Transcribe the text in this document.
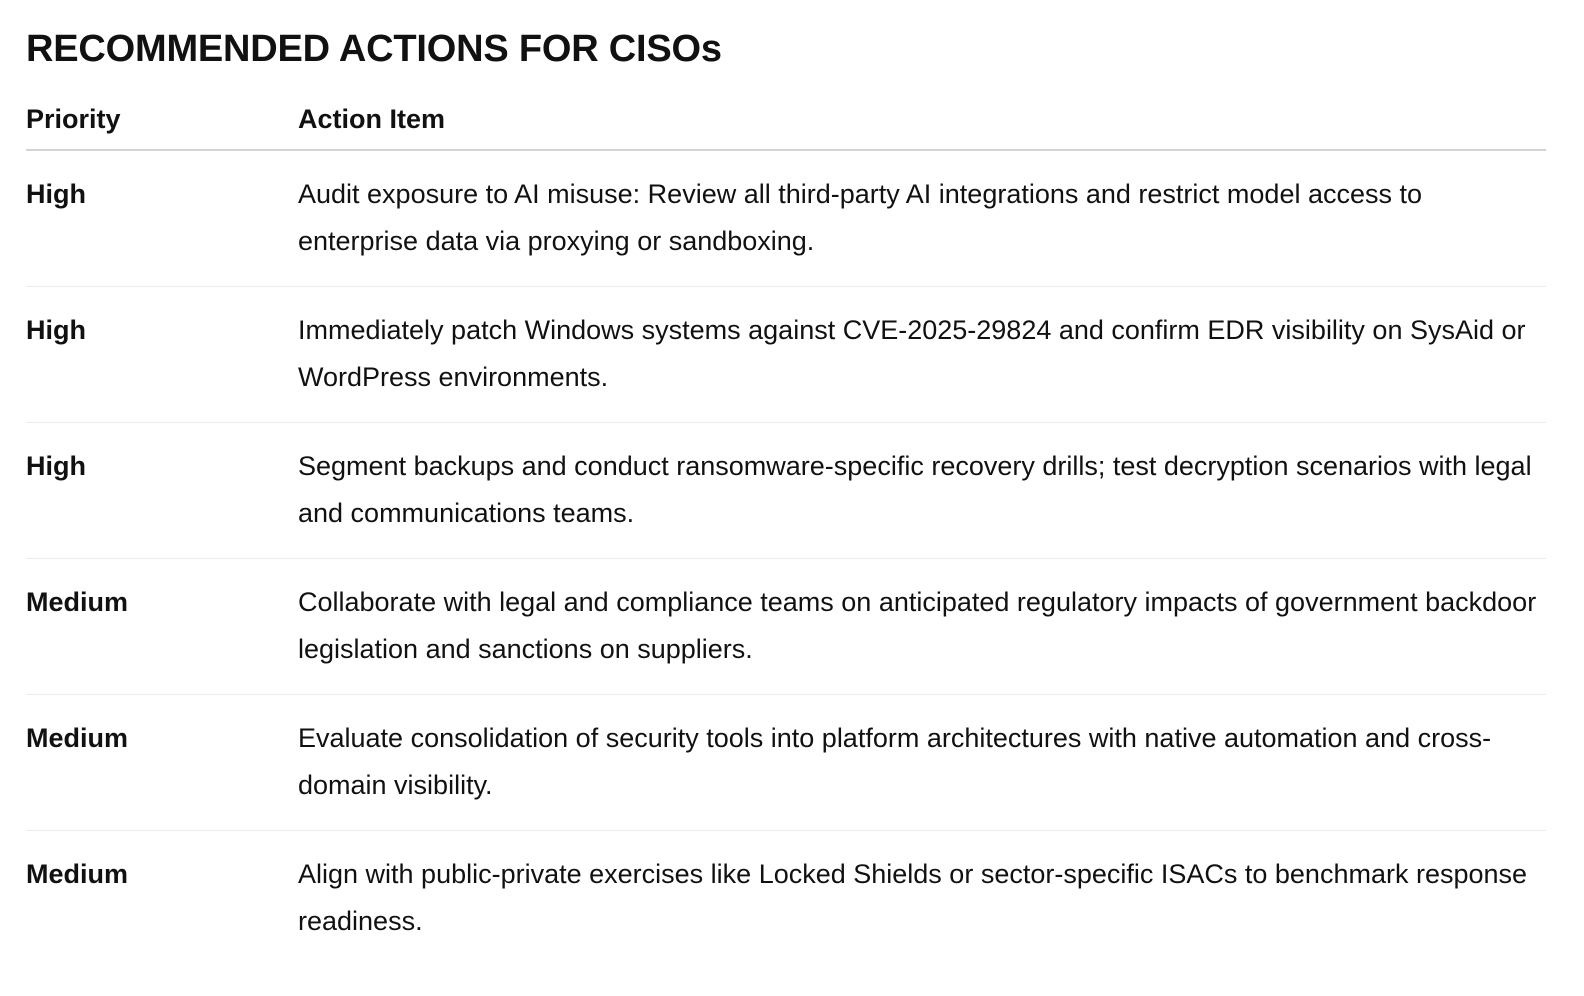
RECOMMENDED ACTIONS FOR CISOs
Priority	Action Item
High	Audit exposure to AI misuse: Review all third-party AI integrations and restrict model access to enterprise data via proxying or sandboxing.
High	Immediately patch Windows systems against CVE-2025-29824 and confirm EDR visibility on SysAid or WordPress environments.
High	Segment backups and conduct ransomware-specific recovery drills; test decryption scenarios with legal and communications teams.
Medium	Collaborate with legal and compliance teams on anticipated regulatory impacts of government backdoor legislation and sanctions on suppliers.
Medium	Evaluate consolidation of security tools into platform architectures with native automation and cross-domain visibility.
Medium	Align with public-private exercises like Locked Shields or sector-specific ISACs to benchmark response readiness.
